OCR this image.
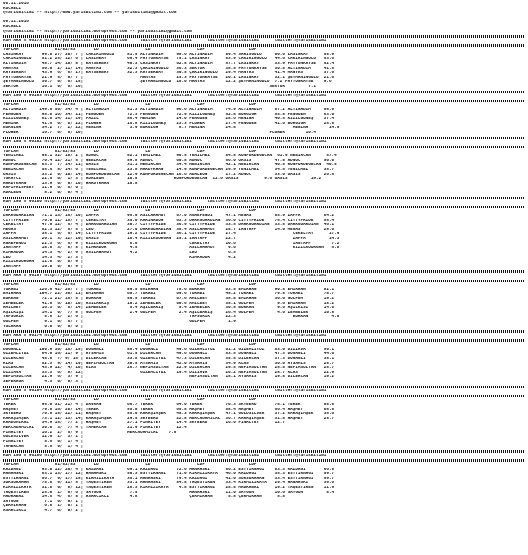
08.11.2016
KOCAELI
@YarisBilimi -- http://www.yarisbilimi.com -- yarisbilimi@gmail.com
08.11.2016
KOCAELI
@YarisBilimi -- http://yarisbilimi.wordpress.com -- yarisbilimi@gmail.com
KUM ARA = 96173 http://yarisbilimi.wordpress.com     twitter:@YarisBilimi      twitter:@YarisBilimi      twitter:@YarisBilimi
TOPLAM              81/82/83       LD                  LD                  LDF                 LDF
LASINKAY       99.8 27/ 20/ 7 | CAKIRINGULU     81.5 ALTINADIM     98.6 ALTINADIM     89.4 SARISGULU     60.6 LASINKAY      58.9
CAKIRINGULU    51.2 25/ 12/ 6 | LASINKAY        69.4 FAYTONKAYSE   75.1 LASINKAY      83.9 CAKIRINGULU   44.6 CAKIRINGULU   53.6
ALTINADIM      48.7 14/ 10/ 8 | KAYSERBAY       40.3 LASINKAY      62.8 ALTINADIM     57.7 LASINKAY      33.9 FAYTONKAYSE   52.4
MANYAS         50.0  2/ 11/ 14| MANYAS          32.3 ÇAKIRINGULU   36.3 SEKTOR        38.5 FAYTONKAYSE   30.8 ALTINADIM     41.5
KAYSERBAY      43.9  6/  6/ 17| KAYSERBAY       32.3 KAYSERBAY     30.5 ÇAKIRINGULU   29.4 MANYAS        41.4 MANYAS        37.6
FAYTONKAYSE    21.9  5/  0/ 7 |                      MANYAS        25.3 FAYTONKAYSE   20.1 LASINKAY      32.1 ŞEYMANINGULU  21.6
ŞEYMANINGULU   30.7  0/  6/ 15|                      ŞEYMANINGULU  18.0 MANYAS        12.2 ŞEYMANINGULU  7.2 FAYTONKAYSE    9.6
SEKTOR         16.1  0/  6/ 10|                                                                        SEKTOR         7.1
KUM ING = 96183 http://yarisbilimi.wordpress.com     twitter:@YarisBilimi      twitter:@YarisBilimi      twitter:@YarisBilimi
TOPLAM              81/82/83       LD                  LD                  LDF                 LDF
ALTINADIM     149.6 50/ 34/ 4 | ALTINADIM       81.3 ALTINADIM     96.6 ALTINADIM     74.9 ALTINADIM     87.2 ALTINADIM     88.6
PENGUEN        95.8 16/ 34/ 11| PENGUEN         72.3 PENGUEN       72.9 KIZILGUNEŞ    52.8 BORGIGH       55.8 PENGUEN       63.0
KIZILGUNEŞ     61.6 14/ 11/ 19| FAZIL           56.4 MENINA        24.0 PENGUEN       28.6 MENINA        40.5 KIZILGUNEŞ    37.4
MENINA         41.5  0/  8/ 22| FLOWER          15.8 KIZILGUNEŞ    23.3 FLOWER        27.4 PENGUEN       41.6 BORGIGH       25.8
BORGIGH        34.2  7/  2/ 22| MENINA           3.9 BORGIGH        8.7 MENINA        24.8                      MENINA        14.5
FLOWER         16.7  0/  6/ 10|                                                                        FLOWER        10.4
KUM ING = 96182 http://yarisbilimi.wordpress.com     twitter:@YarisBilimi      twitter:@YarisBilimi      twitter:@YarisBilimi
TOPLAM              81/82/83       LD                  LD                  LDF                 LDF
YENILMEZ       98.1 32/ 18/ 2 | ADNOC           82.1 YENILMEZ      90.5 YENILMEZ      84.8 RUNFORDEGECAN  61.9 NEBIRCAN      57.4
ADNOC          70.4 12/ 21/ 5 | NEBIRCAN        59.8 ADNOC         60.8 ADNOC         56.0 OASIS         47.8 ADNOC         50.0
RUNFORDEGECAN  63.3  7/ 14/ 11| OASIS           31.1 NEBIRCAN      34.4 NEBIRCAN      42.1 NEBIRCAN      40.5 RUNFORDEGECAN  40.5
NEBIRCAN       55.5  8/ 14/ 6 | YENILMEZ        23.8 HARDYKHAN     24.9 RUNFORDEGECAN 29.9 YENILMEZ      34.5 YENILMEZ      35.7
OASIS          33.2  0/ 10/ 14| RUNFORDEGECAN   12.9 RUNFORDEGECAN 16.6 ADALEON       17.2 ADNOC         33.0 OASIS         26.5
TOKAYCI        22.5  0/  1/ 3 | ADALEON         10.8              RUNFORDEGECAN  12.6 OASIS          9.6 OASIS         19.2
HARDYKHAN      13.9  0/  0/ 10| HARDYKHAN       10.8
RAFIFALSFEEY   11.9  0/  6/ 0 |
ADALEON         8.2  0/  0/ 4 |
KUM ING = 96180 http://yarisbilimi.wordpress.com     twitter:@YarisBilimi      twitter:@YarisBilimi      twitter:@YarisBilimi
TOPLAM              81/82/83       LD                  LD                  LDF                 LDF
DARKGUARDIAN   71.1 13/ 15/ 10| ZAPPA           95.0 ASILAHAMUT    67.0 AGAEFENDI     47.1 MEGAS         85.9 ZAPPA         64.2
CITTYPRIDE     70.0 11/ 15/ 7 | CEKELTAY        35.0 KARINADON     63.3 DARKGUARDIAN  36.0 CITTYPRIDE    75.4 CITTYPRIDE    55.4
CEKELTAY       47.6 12/  5/ 4 | DARKGUARDIAN    30.7 CITTYPRIDE    36.9 CITTYPRIDE    33.5 DARKGUARDIAN  33.8 DARKGUARDIAN  46.1
MEGAS          52.3 12/  5/ 5 | LEO             27.0 DARKGUARDIAN  38.4 ASILAHAMUT    28.7 IANTAFP       14.0 MEGAS         28.6
ZAPPA          35.1  6/  5/ 14| CITTYPRIDE      19.2 CITTYPRIDE    36.1 CITTYPRIDE    27.4                      CEKELTAY      17.9
ASILAHAMUT     20.1  3/ 12/ 10| OASIS           18.4 KIZILKOURGAN  25.1 IANTAFP       22.7                      ZAPPA         14.3
AGAEFENDI      22.3  6/  5/ 9 | KIZILKOURGAN     6.8                    CEKELTAY      10.6                      IANTAFP        7.2
IANTAFP        18.6  3/  8/ 8 | KIMRADOR         4.5                    ASILAHAMUT     9.6                      KIZILKOURGAN   5.8
KIMRADOR       14.3  4/  2/ 9 | ASILAHAMUT       4.2                    LEO            6.5
LEO            14.3  4/  2/ 3 |                                         KIMRADOR       4.2
KIZILKOURGAN   11.6  0/  0/ 9 |
IANTAFP        10.0  0/  0/ 9 |
KUM ARA = 96187 http://yarisbilimi.wordpress.com     twitter:@YarisBilimi      twitter:@YarisBilimi      twitter:@YarisBilimi
TOPLAM              81/82/83       LD                  LD                  LDF                 LDF
TURABI        126.6 42/ 26/ 7 | TURABI          89.5 EMIRHAN       78.6 BURKAN        63.5 EMIRHAN       90.5 EMIRHAN       82.1
EMIRHAN       104.7 22/ 30/ 11| EMIRHAN         68.7 TURABI        69.6 TURABI        45.2 TURABI        79.8 TURABI        78.7
BURKAN         72.1 21/ 15/ 5 | BURKAN          50.5 TURABI        67.6 AMILBEY       38.8 EMIRHAN       30.0 GULFEM        19.2
ZEMBELEK       41.6  6/ 10/ 10| ASILAKKIŞ       10.2 ZEMBELEK      60.6 AMILBEY       38.1 GULFEM         9.6 EMIRHAN       18.2
AMILBEY        16.3  0/  5/ 14| ZEMBELEK         5.4 AŞILBAKIŞ      5.4 ZEMBELEK      30.5 BURKAN         9.6 AŞILKISI      14.6
AŞILKIŞI       14.1  0/  7/ 8 | GULFEM           2.4 GULFEM         2.4 AŞILBAKIŞ     26.4 GULFEM         4.6 ZEMBELEK      10.8
TAFSORIK        8.5  1/  2/ 6 |                                         TAFSORIK      22.3                      BURKAN         4.8
GULFEM          9.1  0/  5/ 7 |                                         GULFEM         1.9
YULAKAN         0.0  0/  0/ 0 |
KUM ARA = 96174 http://yarisbilimi.wordpress.com     twitter:@YarisBilimi      twitter:@YarisBilimi      twitter:@YarisBilimi
TOPLAM              81/82/83       LD                  LD                  LDF                 LDF
DOĞANLI       100.9 30/ 15/ 15| DOĞANLI         88.4 DOĞANLI       49.6 GIZEMLIYUZ    61.2 GIZEMLIYUZ    53.0 DIZIAVA       50.1
GIZEMLIYUZ     64.0 16/ 11/ 9 | AYSAMIS         61.5 DILERCAN      49.6 DOĞANLI       53.5 DOĞANLI       47.3 DOĞANLI       44.6
DILERCAN       45.6  7/ 9/ 15 | DILERCAN        33.8 GIZEMLIYUZ    47.3 DILERCAN      35.8 DILERCAN      37.3 DOĞANLI       38.1
KLAS           52.3  9/ 14/ 19| NEFIMSULTAN     30.5 AYSAMIS       42.0 AYSAMIS       34.9 KLAS          30.0 AYSAMIS       28.7
DILERCAN       43.9 12/  4/ 10| KLAS            26.7 NEFIMSULTAN   22.9 DILERCAN      29.5 NEFIMSULTAN   25.8 NEFIMSULTAN   28.7
DIZIAVA        33.3  6/  8/ 12|                      GIZEMLIYUZ    19.4 DIZIAVA       20.2 NEFIMSULTAN   28.7 KLAS          22.9
NEFIMSULTAN    22.9  6/  3/ 9 |                                         NEFIMSULTAN   18.1 AYSAMIS       19.8 DILERCAN      19.2
SEFERAGA        4.3  0/  0/ 3 |
KUM ING = 96184 http://yarisbilimi.wordpress.com     twitter:@YarisBilimi      twitter:@YarisBilimi      twitter:@YarisBilimi
TOPLAM              81/82/83       LD                  LD                  LDF                 LDF
TEREK          95.0 31/ 21/ 4 | DAVRAN          66.7 TEREK         64.0 TEREK         70.3 SKYEERO       78.1 TEREK         68.8
HAŞMET         79.6 16/ 28/ 14| TEREK           55.0 TEREK         65.8 HAŞMET        58.4 HAŞMET        56.4 HAŞMET        68.8
SKYEERO        70.8 15/ 22/ 11| HAŞMET          55.0 KARAŞIMŞEK    45.3 KARAŞIMŞEK    47.1 GOLDSILVER    37.2 KARAŞIMŞEK    35.6
KARAŞIMŞEK     73.1 12/ 13/ 14| KARAŞIMŞEK      29.5 SKYEERO       22.8 HERCADAMICAL  36.7 KARAŞIMŞEK    31.8 HAŞMET        28.7
KRADOMIRAL     34.9 15/  7/ 2 | HAŞMET          27.1 FINALTEY      14.4 SKYEERO       16.0 FINALTEY      12.7
HERCADAMICAL   30.6  3/  7/ 4 | TAMERCAN        21.9 FINALTEY      12.4
FINALTEY       16.2  2/  5/ 9 |                 HERCADAMICAL    7.8
GOLDSILVER     12.6  1/  3/ 1 |
FINALTEY        5.5  0/  1/ 4 |
TAMERCAN        5.5  0/  1/ 4 |
KUM ING = 96186 http://yarisbilimi.wordpress.com     twitter:@YarisBilimi      twitter:@YarisBilimi      twitter:@YarisBilimi
TOPLAM              81/82/83       LD                  LD                  LDF                 LDF
KAZDAĞI        93.0 12/ 20/ 4 | KAZDAĞI         69.1 KAZDAĞI       72.6 HANAHSKI      56.2 ESTTIRNAĞI    83.3 KAZDAĞI       66.8
HANAHSKI       63.1 13/ 17/ 12| HANAHSKI        50.3 ESTTIRNAĞI    71.0 KIRMIZIKAYA   46.0 KAZDAĞI       35.3 ESTTIRNAĞI    59.7
ESTTIRNAĞI     86.7  9/ 17/ 15| KIRMIZIKAYA     35.1 HANAHSKI      79.4 KAZDAĞI       41.0 SURSURAHAN    33.4 ESTTIRNAĞI    59.7
SURSURAHAN     75.8  9/ 11/ 5 | TAQESTIREN      33.1 HANAHSKI      54.8 TAQESTIREN    33.4 KIRMIZIKAYA   29.4 HANAHSKI      39.6
KIRMIZIKAYA    31.8  0/  8/ 12| TAQESTIREN      26.3 KIRMIZIKAYA    4.8 ESTTIRNAĞI    28.8 MADRABAZ      19.2 TAQESTIREN    11.9
TAQESTIREN     25.0  1/  6/ 6 | SAYGON           7.5                    HANAHSKI      11.0 SAYGON        10.6 SAYGON         8.4
MADRABAZ       14.5  4/  6/ 8 | ASARCIKLI        4.8                    ÇERMIKHAN      5.8 ÇERMIKHAN      5.5
SAYGON          7.1  0/  0/ 1 |
ÇERMIKHAN       6.8  1/  0/ 1 |
ASARCIKLI       4.7  0/  0/ 2 |
